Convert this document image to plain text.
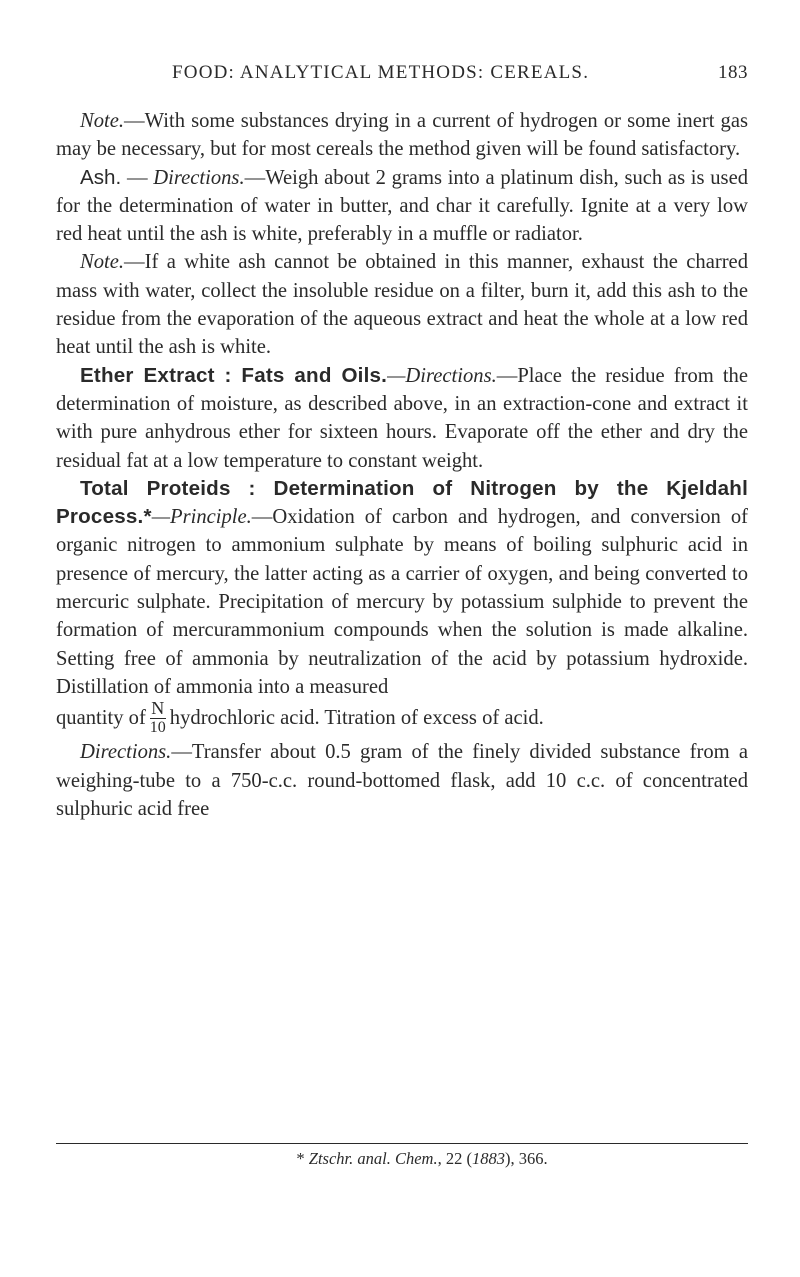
FOOD: ANALYTICAL METHODS: CEREALS.	183

Note.—With some substances drying in a current of hydrogen or some inert gas may be necessary, but for most cereals the method given will be found satisfactory.

Ash. — Directions.—Weigh about 2 grams into a platinum dish, such as is used for the determination of water in butter, and char it carefully. Ignite at a very low red heat until the ash is white, preferably in a muffle or radiator.

Note.—If a white ash cannot be obtained in this manner, exhaust the charred mass with water, collect the insoluble residue on a filter, burn it, add this ash to the residue from the evaporation of the aqueous extract and heat the whole at a low red heat until the ash is white.

Ether Extract : Fats and Oils.—Directions.—Place the residue from the determination of moisture, as described above, in an extraction-cone and extract it with pure anhydrous ether for sixteen hours. Evaporate off the ether and dry the residual fat at a low temperature to constant weight.

Total Proteids : Determination of Nitrogen by the Kjeldahl Process.*—Principle.—Oxidation of carbon and hydrogen, and conversion of organic nitrogen to ammonium sulphate by means of boiling sulphuric acid in presence of mercury, the latter acting as a carrier of oxygen, and being converted to mercuric sulphate. Precipitation of mercury by potassium sulphide to prevent the formation of mercurammonium compounds when the solution is made alkaline. Setting free of ammonia by neutralization of the acid by potassium hydroxide. Distillation of ammonia into a measured

quantity of $\frac{N}{10}$ hydrochloric acid. Titration of excess of acid.

Directions.—Transfer about 0.5 gram of the finely divided substance from a weighing-tube to a 750-c.c. round-bottomed flask, add 10 c.c. of concentrated sulphuric acid free

* Ztschr. anal. Chem., 22 (1883), 366.
